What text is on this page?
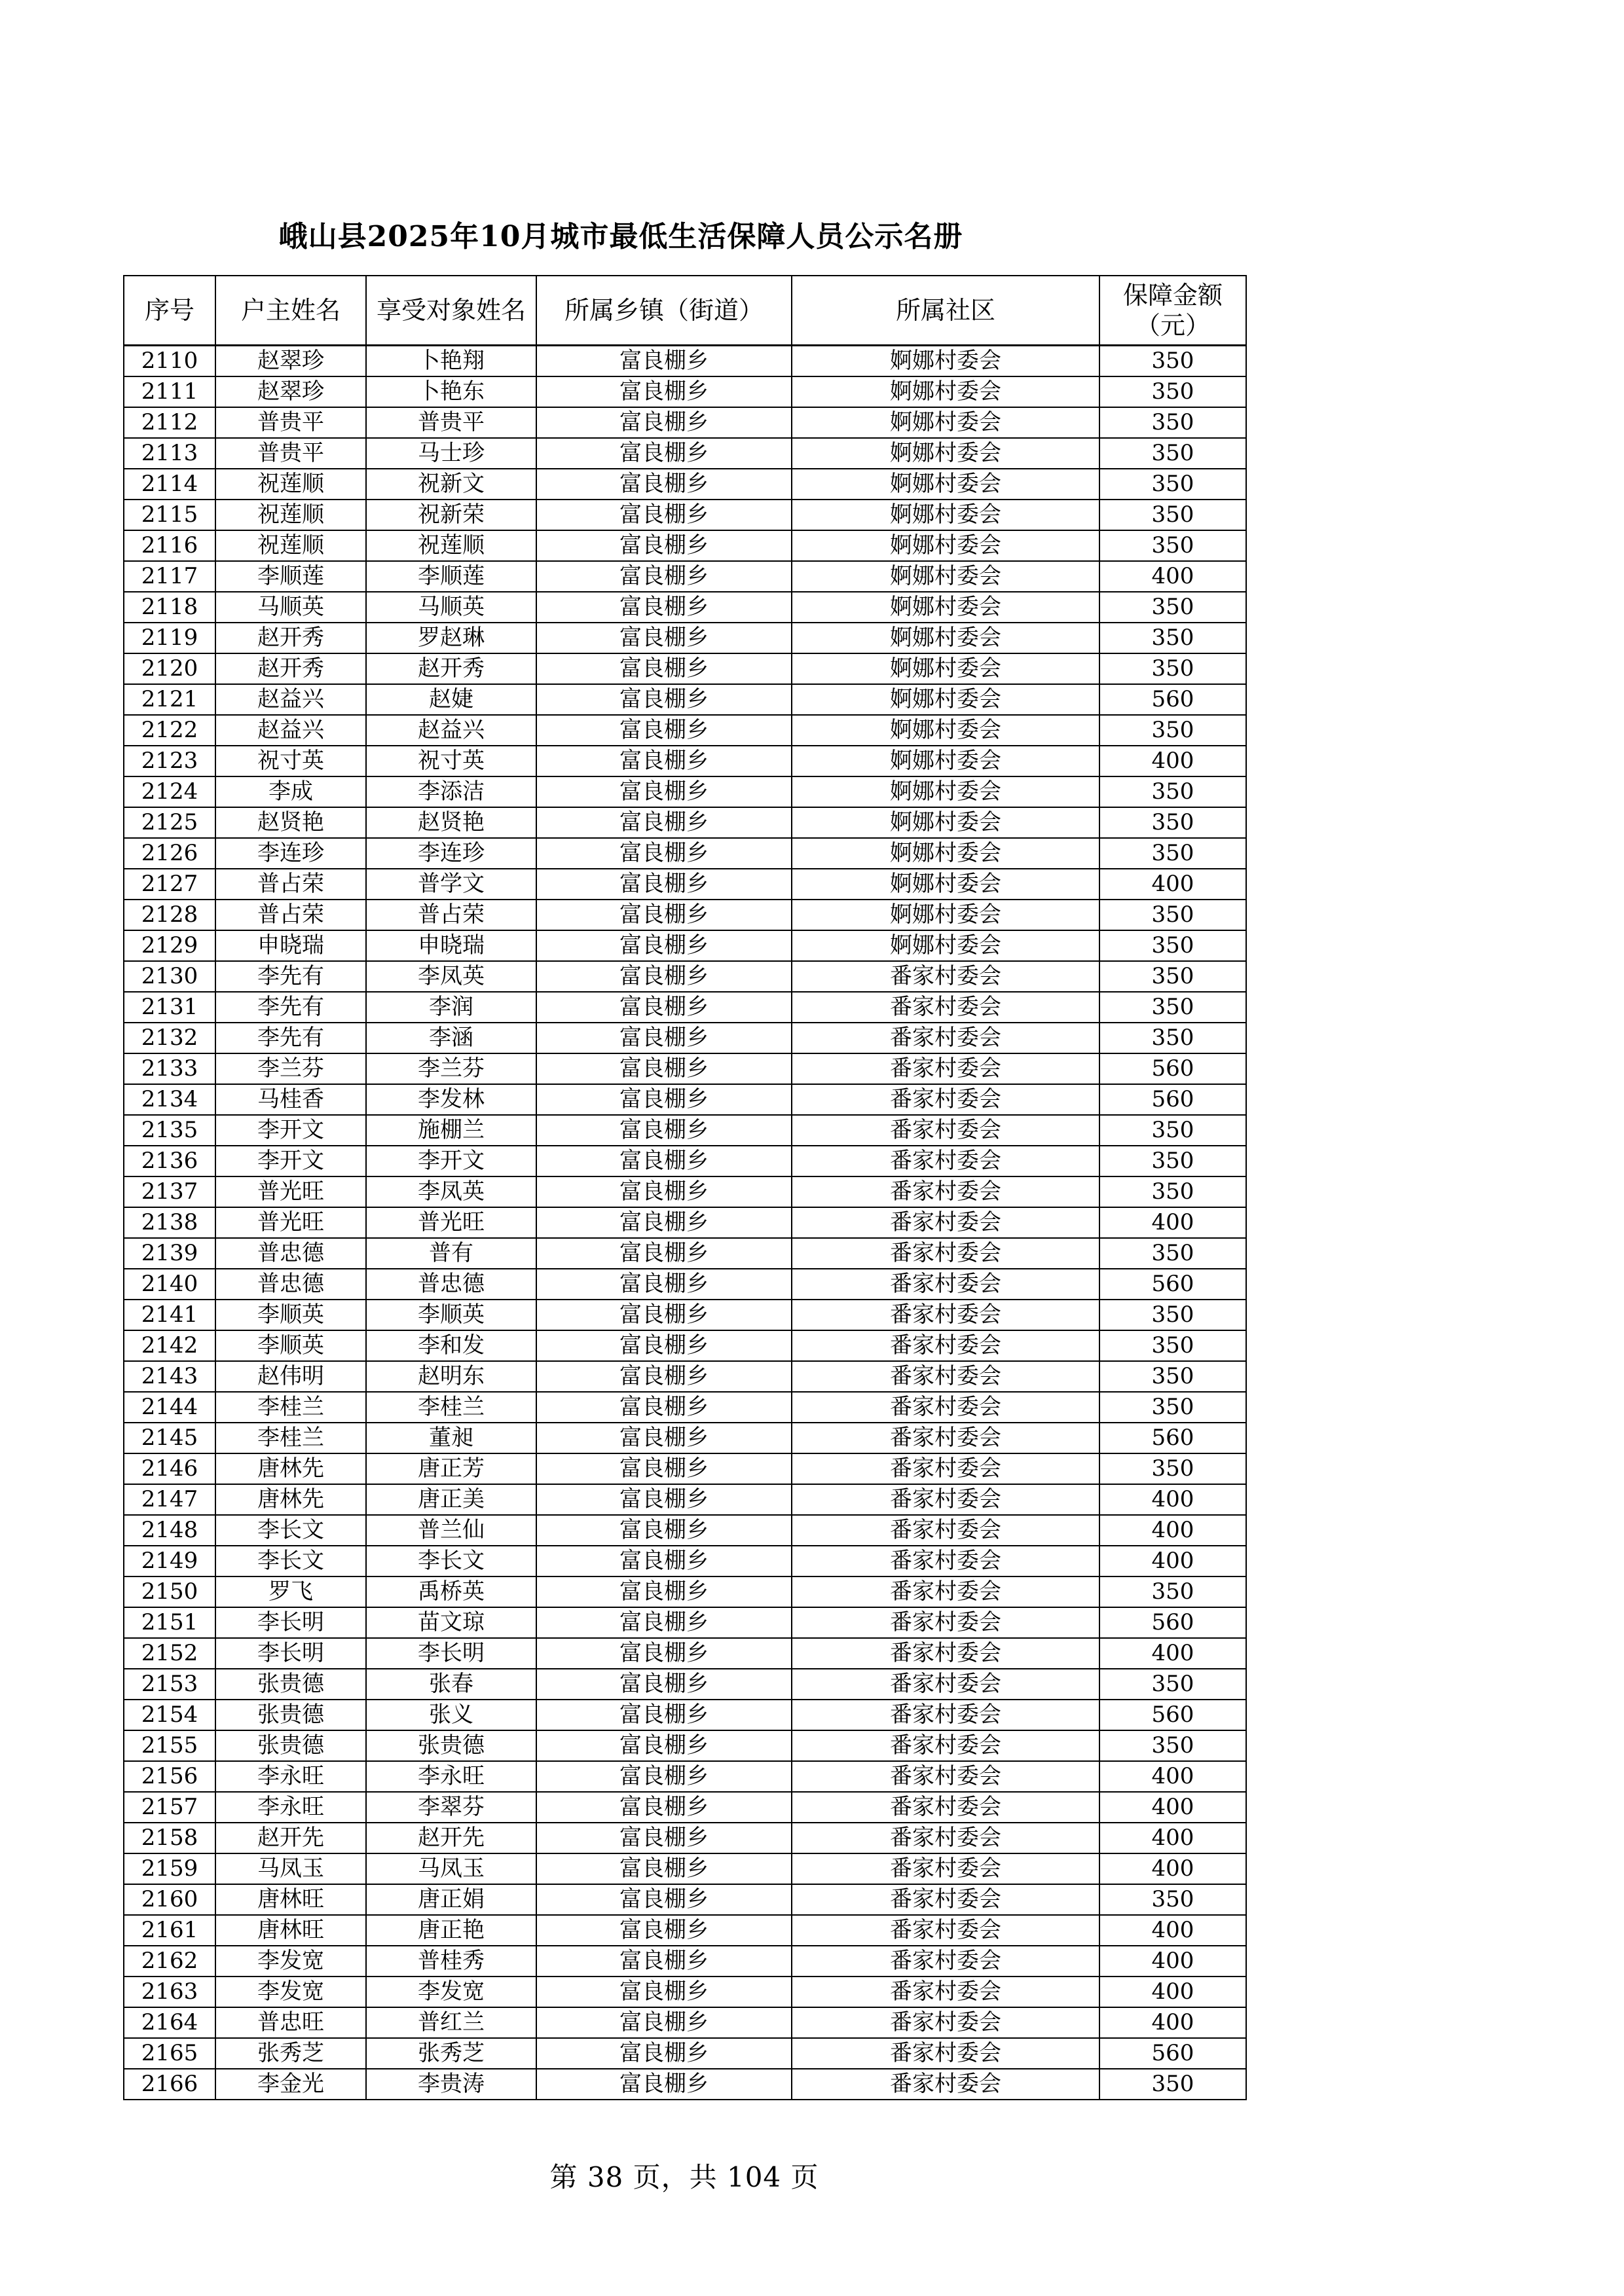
峨山县2025年10月城市最低生活保障人员公示名册
序号	户主姓名	享受对象姓名	所属乡镇（街道）	所属社区	保障金额
（元）

2110	赵翠珍	卜艳翔	富良棚乡	婀娜村委会	350
2111	赵翠珍	卜艳东	富良棚乡	婀娜村委会	350
2112	普贵平	普贵平	富良棚乡	婀娜村委会	350
2113	普贵平	马士珍	富良棚乡	婀娜村委会	350
2114	祝莲顺	祝新文	富良棚乡	婀娜村委会	350
2115	祝莲顺	祝新荣	富良棚乡	婀娜村委会	350
2116	祝莲顺	祝莲顺	富良棚乡	婀娜村委会	350
2117	李顺莲	李顺莲	富良棚乡	婀娜村委会	400
2118	马顺英	马顺英	富良棚乡	婀娜村委会	350
2119	赵开秀	罗赵琳	富良棚乡	婀娜村委会	350
2120	赵开秀	赵开秀	富良棚乡	婀娜村委会	350
2121	赵益兴	赵婕	富良棚乡	婀娜村委会	560
2122	赵益兴	赵益兴	富良棚乡	婀娜村委会	350
2123	祝寸英	祝寸英	富良棚乡	婀娜村委会	400
2124	李成	李添洁	富良棚乡	婀娜村委会	350
2125	赵贤艳	赵贤艳	富良棚乡	婀娜村委会	350
2126	李连珍	李连珍	富良棚乡	婀娜村委会	350
2127	普占荣	普学文	富良棚乡	婀娜村委会	400
2128	普占荣	普占荣	富良棚乡	婀娜村委会	350
2129	申晓瑞	申晓瑞	富良棚乡	婀娜村委会	350
2130	李先有	李凤英	富良棚乡	番家村委会	350
2131	李先有	李润	富良棚乡	番家村委会	350
2132	李先有	李涵	富良棚乡	番家村委会	350
2133	李兰芬	李兰芬	富良棚乡	番家村委会	560
2134	马桂香	李发林	富良棚乡	番家村委会	560
2135	李开文	施棚兰	富良棚乡	番家村委会	350
2136	李开文	李开文	富良棚乡	番家村委会	350
2137	普光旺	李凤英	富良棚乡	番家村委会	350
2138	普光旺	普光旺	富良棚乡	番家村委会	400
2139	普忠德	普有	富良棚乡	番家村委会	350
2140	普忠德	普忠德	富良棚乡	番家村委会	560
2141	李顺英	李顺英	富良棚乡	番家村委会	350
2142	李顺英	李和发	富良棚乡	番家村委会	350
2143	赵伟明	赵明东	富良棚乡	番家村委会	350
2144	李桂兰	李桂兰	富良棚乡	番家村委会	350
2145	李桂兰	董昶	富良棚乡	番家村委会	560
2146	唐林先	唐正芳	富良棚乡	番家村委会	350
2147	唐林先	唐正美	富良棚乡	番家村委会	400
2148	李长文	普兰仙	富良棚乡	番家村委会	400
2149	李长文	李长文	富良棚乡	番家村委会	400
2150	罗飞	禹桥英	富良棚乡	番家村委会	350
2151	李长明	苗文琼	富良棚乡	番家村委会	560
2152	李长明	李长明	富良棚乡	番家村委会	400
2153	张贵德	张春	富良棚乡	番家村委会	350
2154	张贵德	张义	富良棚乡	番家村委会	560
2155	张贵德	张贵德	富良棚乡	番家村委会	350
2156	李永旺	李永旺	富良棚乡	番家村委会	400
2157	李永旺	李翠芬	富良棚乡	番家村委会	400
2158	赵开先	赵开先	富良棚乡	番家村委会	400
2159	马凤玉	马凤玉	富良棚乡	番家村委会	400
2160	唐林旺	唐正娟	富良棚乡	番家村委会	350
2161	唐林旺	唐正艳	富良棚乡	番家村委会	400
2162	李发宽	普桂秀	富良棚乡	番家村委会	400
2163	李发宽	李发宽	富良棚乡	番家村委会	400
2164	普忠旺	普红兰	富良棚乡	番家村委会	400
2165	张秀芝	张秀芝	富良棚乡	番家村委会	560
2166	李金光	李贵涛	富良棚乡	番家村委会	350
第 38 页，共 104 页
